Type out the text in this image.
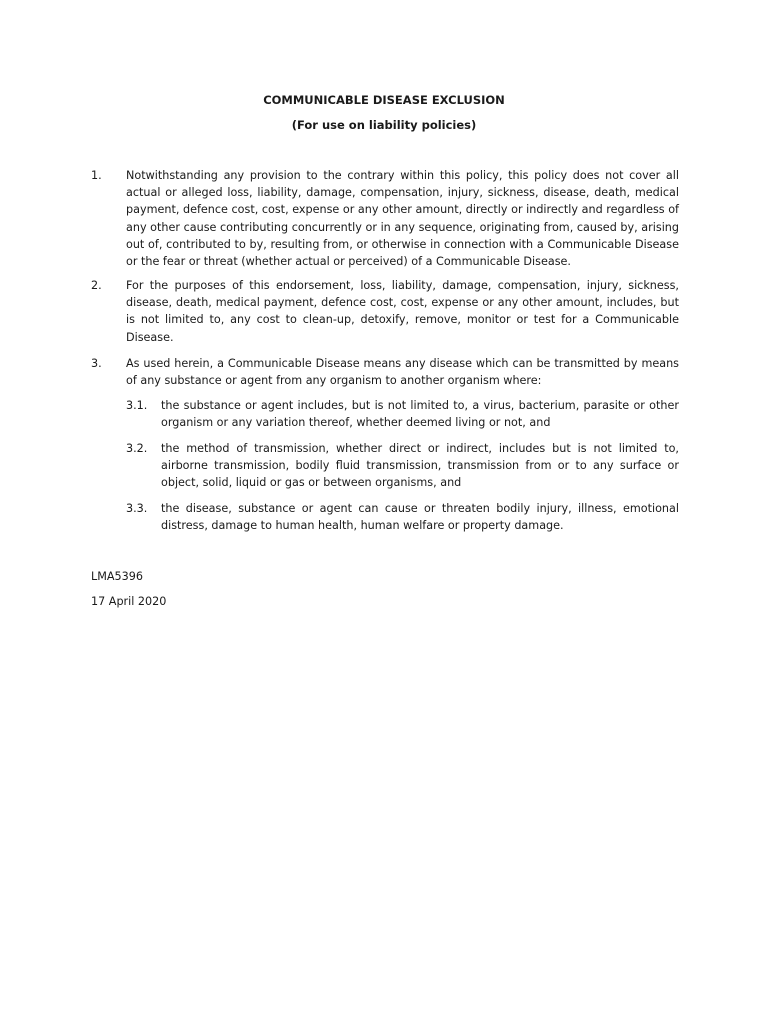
COMMUNICABLE DISEASE EXCLUSION
(For use on liability policies)
1.	Notwithstanding any provision to the contrary within this policy, this policy does not cover all actual or alleged loss, liability, damage, compensation, injury, sickness, disease, death, medical payment, defence cost, cost, expense or any other amount, directly or indirectly and regardless of any other cause contributing concurrently or in any sequence, originating from, caused by, arising out of, contributed to by, resulting from, or otherwise in connection with a Communicable Disease or the fear or threat (whether actual or perceived) of a Communicable Disease.
2.	For the purposes of this endorsement, loss, liability, damage, compensation, injury, sickness, disease, death, medical payment, defence cost, cost, expense or any other amount, includes, but is not limited to, any cost to clean-up, detoxify, remove, monitor or test for a Communicable Disease.
3.	As used herein, a Communicable Disease means any disease which can be transmitted by means of any substance or agent from any organism to another organism where:
3.1.	the substance or agent includes, but is not limited to, a virus, bacterium, parasite or other organism or any variation thereof, whether deemed living or not, and
3.2.	the method of transmission, whether direct or indirect, includes but is not limited to, airborne transmission, bodily fluid transmission, transmission from or to any surface or object, solid, liquid or gas or between organisms, and
3.3.	the disease, substance or agent can cause or threaten bodily injury, illness, emotional distress, damage to human health, human welfare or property damage.
LMA5396
17 April 2020
